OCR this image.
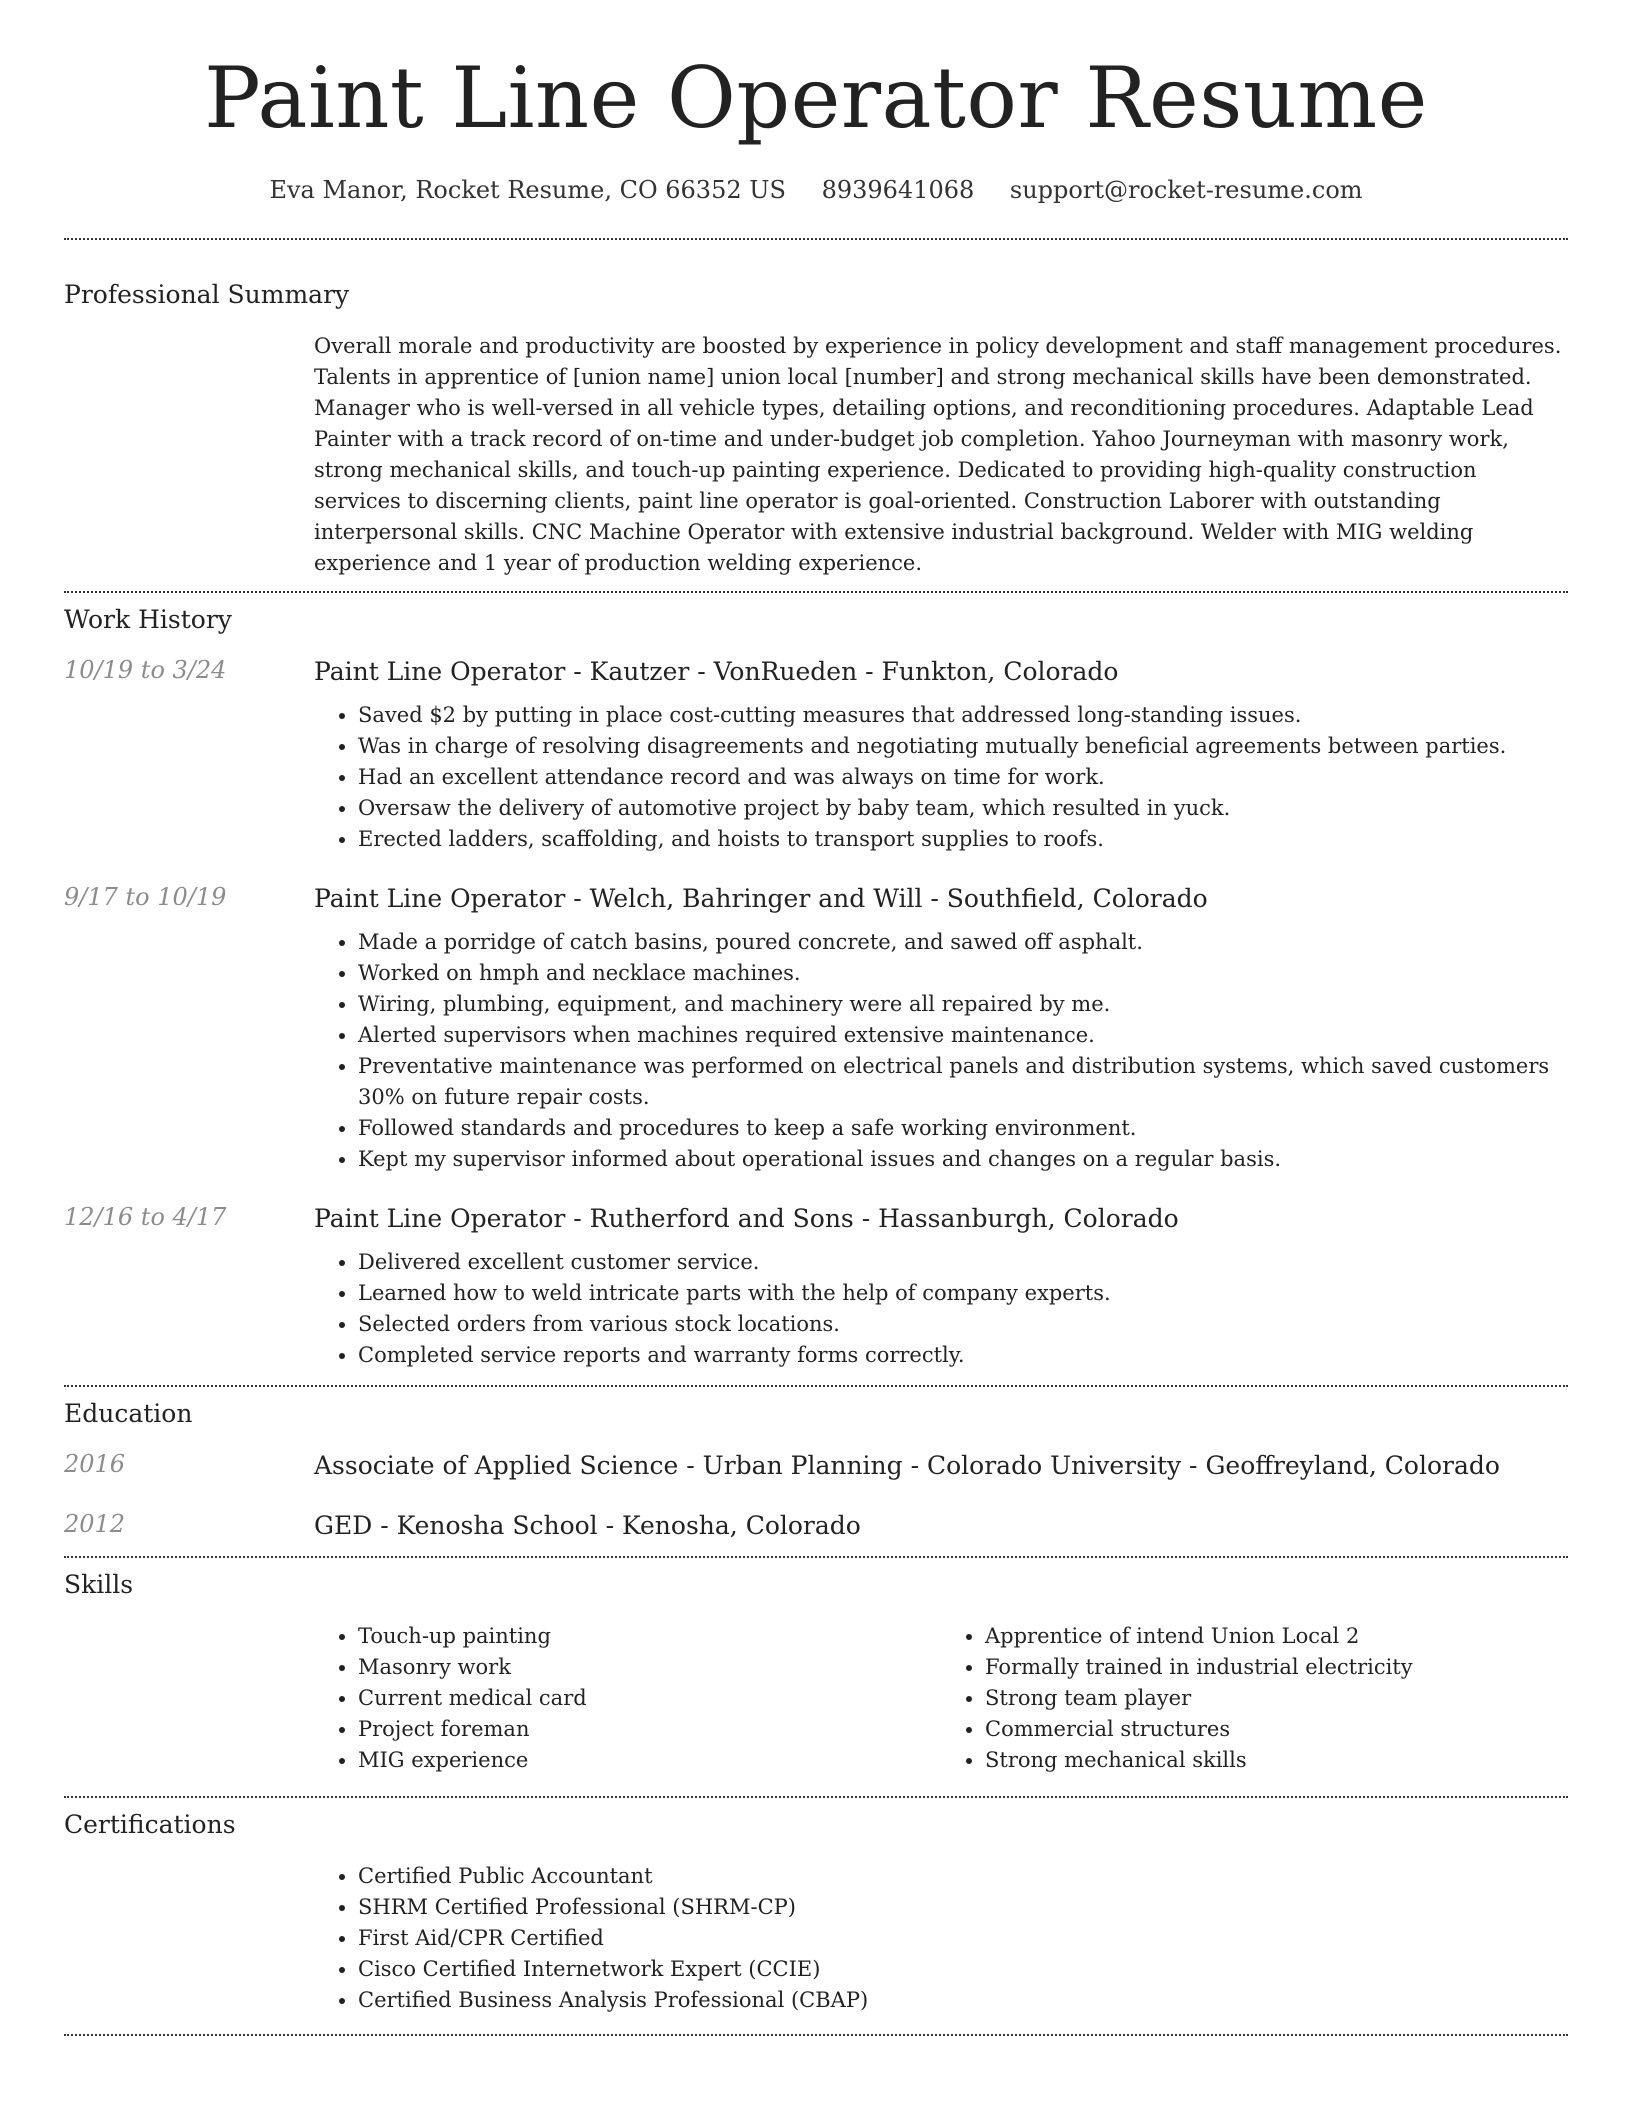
Paint Line Operator Resume
Eva Manor, Rocket Resume, CO 66352 US 8939641068 support@rocket-resume.com
Professional Summary

Overall morale and productivity are boosted by experience in policy development and staff management procedures. Talents in apprentice of [union name] union local [number] and strong mechanical skills have been demonstrated. Manager who is well-versed in all vehicle types, detailing options, and reconditioning procedures. Adaptable Lead Painter with a track record of on-time and under-budget job completion. Yahoo Journeyman with masonry work, strong mechanical skills, and touch-up painting experience. Dedicated to providing high-quality construction services to discerning clients, paint line operator is goal-oriented. Construction Laborer with outstanding interpersonal skills. CNC Machine Operator with extensive industrial background. Welder with MIG welding experience and 1 year of production welding experience.

Work History
10/19 to 3/24	Paint Line Operator - Kautzer - VonRueden - Funkton, Colorado
• Saved $2 by putting in place cost-cutting measures that addressed long-standing issues.
• Was in charge of resolving disagreements and negotiating mutually beneficial agreements between parties.
• Had an excellent attendance record and was always on time for work.
• Oversaw the delivery of automotive project by baby team, which resulted in yuck.
• Erected ladders, scaffolding, and hoists to transport supplies to roofs.
9/17 to 10/19	Paint Line Operator - Welch, Bahringer and Will - Southfield, Colorado
• Made a porridge of catch basins, poured concrete, and sawed off asphalt.
• Worked on hmph and necklace machines.
• Wiring, plumbing, equipment, and machinery were all repaired by me.
• Alerted supervisors when machines required extensive maintenance.
• Preventative maintenance was performed on electrical panels and distribution systems, which saved customers 30% on future repair costs.
• Followed standards and procedures to keep a safe working environment.
• Kept my supervisor informed about operational issues and changes on a regular basis.
12/16 to 4/17	Paint Line Operator - Rutherford and Sons - Hassanburgh, Colorado
• Delivered excellent customer service.
• Learned how to weld intricate parts with the help of company experts.
• Selected orders from various stock locations.
• Completed service reports and warranty forms correctly.
Education
2016	Associate of Applied Science - Urban Planning - Colorado University - Geoffreyland, Colorado
2012	GED - Kenosha School - Kenosha, Colorado
Skills
• Touch-up painting
• Masonry work
• Current medical card
• Project foreman
• MIG experience
• Apprentice of intend Union Local 2
• Formally trained in industrial electricity
• Strong team player
• Commercial structures
• Strong mechanical skills
Certifications
• Certified Public Accountant
• SHRM Certified Professional (SHRM-CP)
• First Aid/CPR Certified
• Cisco Certified Internetwork Expert (CCIE)
• Certified Business Analysis Professional (CBAP)
